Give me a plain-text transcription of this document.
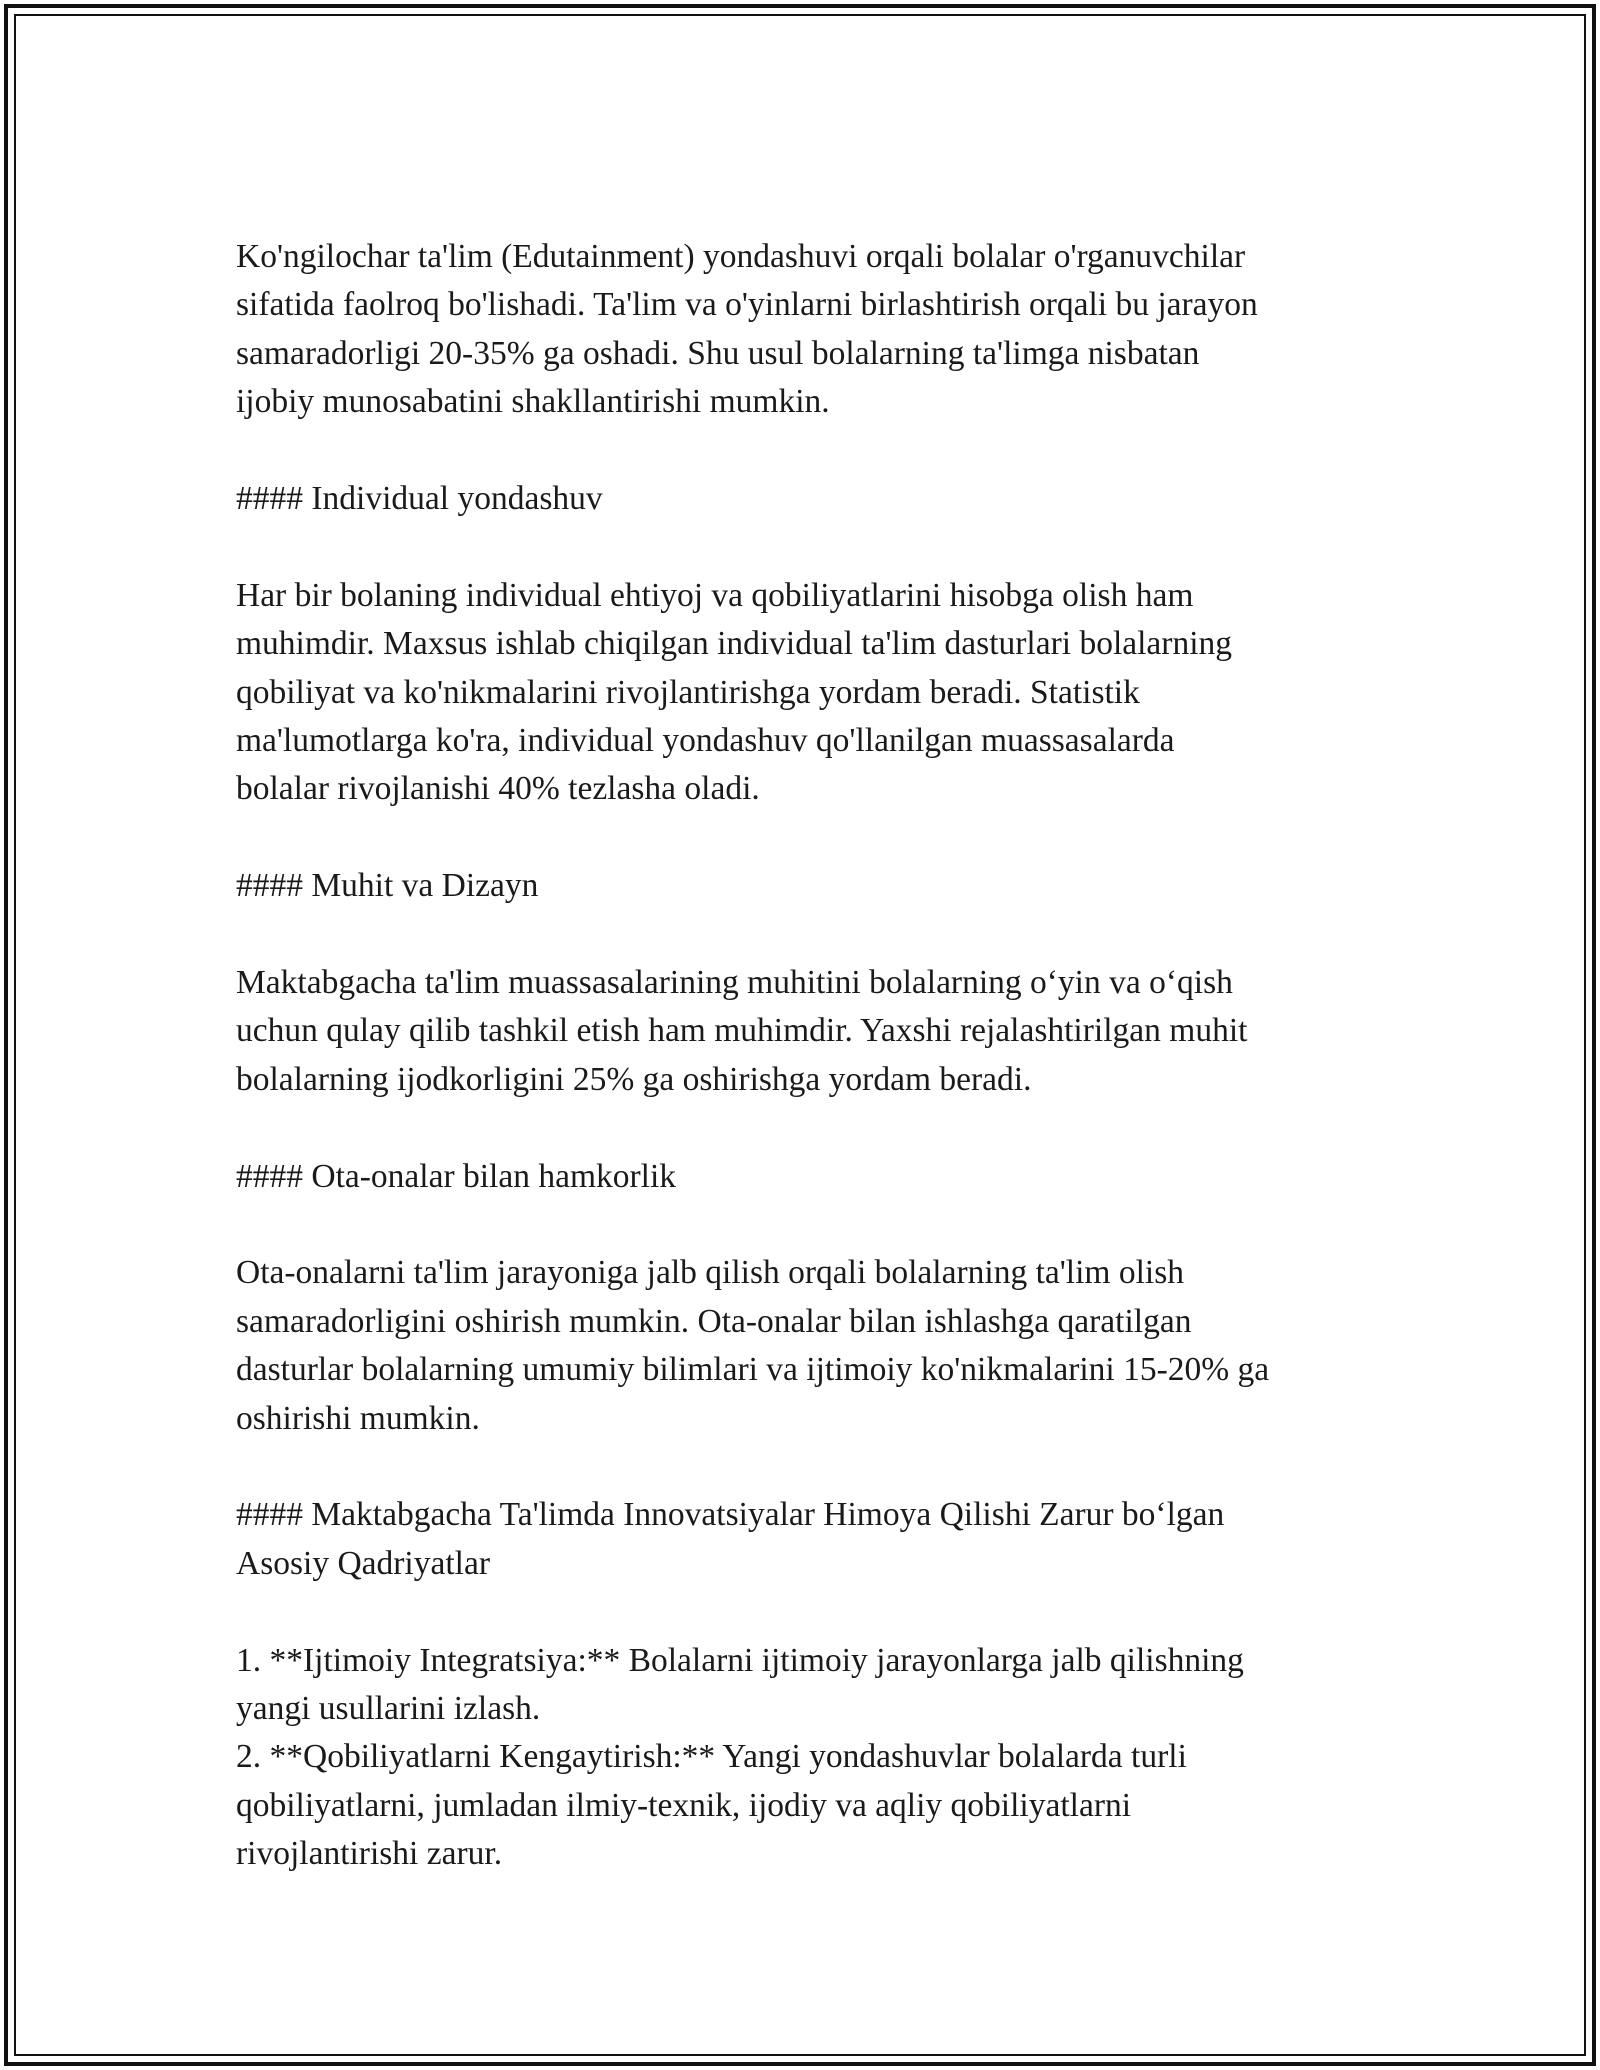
Ko'ngilochar ta'lim (Edutainment) yondashuvi orqali bolalar o'rganuvchilar
sifatida faolroq bo'lishadi. Ta'lim va o'yinlarni birlashtirish orqali bu jarayon
samaradorligi 20-35% ga oshadi. Shu usul bolalarning ta'limga nisbatan
ijobiy munosabatini shakllantirishi mumkin.

#### Individual yondashuv

Har bir bolaning individual ehtiyoj va qobiliyatlarini hisobga olish ham
muhimdir. Maxsus ishlab chiqilgan individual ta'lim dasturlari bolalarning
qobiliyat va ko'nikmalarini rivojlantirishga yordam beradi. Statistik
ma'lumotlarga ko'ra, individual yondashuv qo'llanilgan muassasalarda
bolalar rivojlanishi 40% tezlasha oladi.

#### Muhit va Dizayn

Maktabgacha ta'lim muassasalarining muhitini bolalarning o‘yin va o‘qish
uchun qulay qilib tashkil etish ham muhimdir. Yaxshi rejalashtirilgan muhit
bolalarning ijodkorligini 25% ga oshirishga yordam beradi.

#### Ota-onalar bilan hamkorlik

Ota-onalarni ta'lim jarayoniga jalb qilish orqali bolalarning ta'lim olish
samaradorligini oshirish mumkin. Ota-onalar bilan ishlashga qaratilgan
dasturlar bolalarning umumiy bilimlari va ijtimoiy ko'nikmalarini 15-20% ga
oshirishi mumkin.

#### Maktabgacha Ta'limda Innovatsiyalar Himoya Qilishi Zarur bo‘lgan
Asosiy Qadriyatlar

1. **Ijtimoiy Integratsiya:** Bolalarni ijtimoiy jarayonlarga jalb qilishning
yangi usullarini izlash.
2. **Qobiliyatlarni Kengaytirish:** Yangi yondashuvlar bolalarda turli
qobiliyatlarni, jumladan ilmiy-texnik, ijodiy va aqliy qobiliyatlarni
rivojlantirishi zarur.
